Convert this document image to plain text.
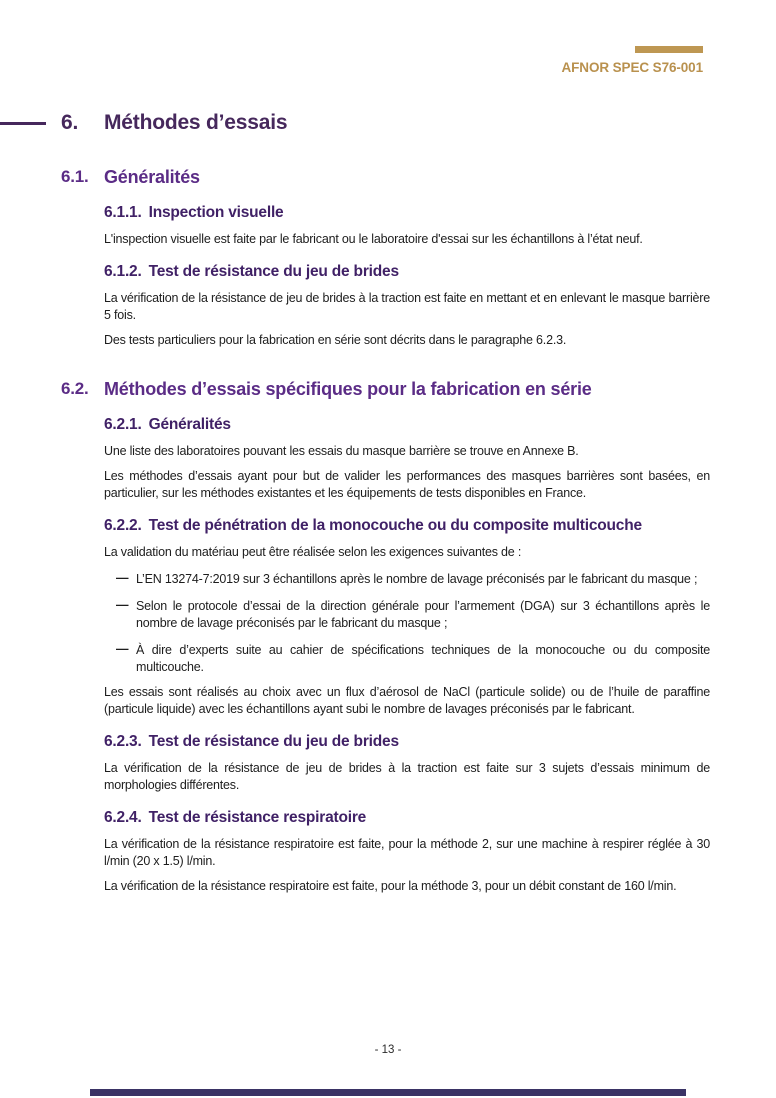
AFNOR SPEC S76-001
6. Méthodes d’essais
6.1. Généralités
6.1.1. Inspection visuelle

L'inspection visuelle est faite par le fabricant ou le laboratoire d'essai sur les échantillons à l’état neuf.

6.1.2. Test de résistance du jeu de brides

La vérification de la résistance de jeu de brides à la traction est faite en mettant et en enlevant le masque barrière 5 fois.

Des tests particuliers pour la fabrication en série sont décrits dans le paragraphe 6.2.3.

6.2. Méthodes d’essais spécifiques pour la fabrication en série
6.2.1. Généralités

Une liste des laboratoires pouvant les essais du masque barrière se trouve en Annexe B.

Les méthodes d’essais ayant pour but de valider les performances des masques barrières sont basées, en particulier, sur les méthodes existantes et les équipements de tests disponibles en France.

6.2.2. Test de pénétration de la monocouche ou du composite multicouche

La validation du matériau peut être réalisée selon les exigences suivantes de :

— L’EN 13274-7:2019 sur 3 échantillons après le nombre de lavage préconisés par le fabricant du masque ;
— Selon le protocole d’essai de la direction générale pour l’armement (DGA) sur 3 échantillons après le nombre de lavage préconisés par le fabricant du masque ;
— À dire d’experts suite au cahier de spécifications techniques de la monocouche ou du composite multicouche.

Les essais sont réalisés au choix avec un flux d’aérosol de NaCl (particule solide) ou de l’huile de paraffine (particule liquide) avec les échantillons ayant subi le nombre de lavages préconisés par le fabricant.

6.2.3. Test de résistance du jeu de brides

La vérification de la résistance de jeu de brides à la traction est faite sur 3 sujets d’essais minimum de morphologies différentes.

6.2.4. Test de résistance respiratoire

La vérification de la résistance respiratoire est faite, pour la méthode 2, sur une machine à respirer réglée à 30 l/min (20 x 1.5) l/min.

La vérification de la résistance respiratoire est faite, pour la méthode 3, pour un débit constant de 160 l/min.

- 13 -
